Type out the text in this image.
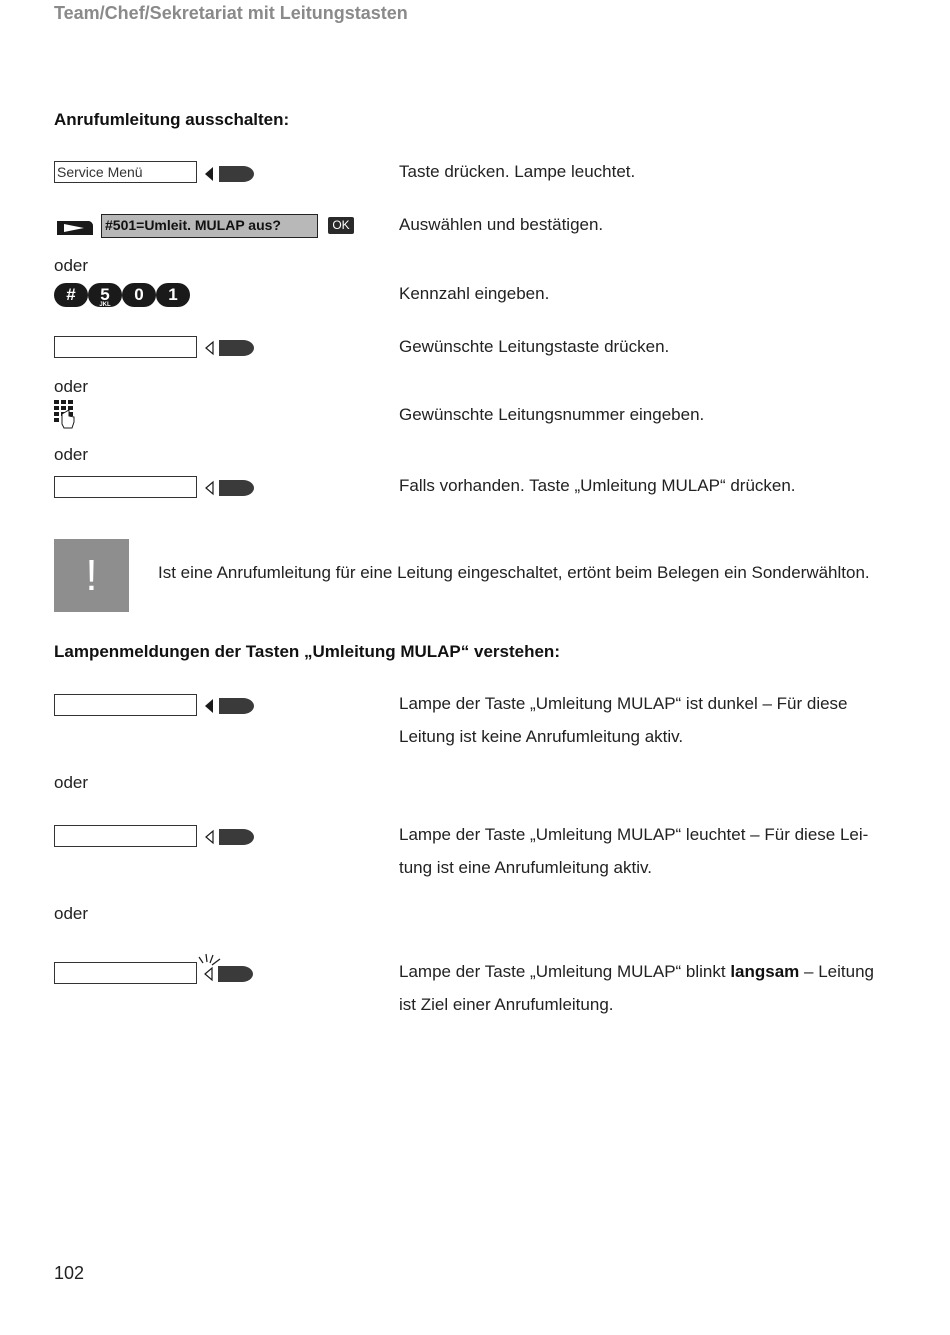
Team/Chef/Sekretariat mit Leitungstasten
Anrufumleitung ausschalten:
Service Menü	Taste drücken. Lampe leuchtet.
#501=Umleit. MULAP aus?	OK	Auswählen und bestätigen.
oder
#	5
JKL
0	1	Kennzahl eingeben.
Gewünschte Leitungstaste drücken.
oder
Gewünschte Leitungsnummer eingeben.
oder
Falls vorhanden. Taste „Umleitung MULAP“ drücken.
!	Ist eine Anrufumleitung für eine Leitung eingeschaltet, ertönt beim Belegen ein Sonderwählton.
Lampenmeldungen der Tasten „Umleitung MULAP“ verstehen:
Lampe der Taste „Umleitung MULAP“ ist dunkel – Für diese
Leitung ist keine Anrufumleitung aktiv.
oder
Lampe der Taste „Umleitung MULAP“ leuchtet – Für diese Lei-
tung ist eine Anrufumleitung aktiv.
oder
Lampe der Taste „Umleitung MULAP“ blinkt langsam – Leitung
ist Ziel einer Anrufumleitung.
102
